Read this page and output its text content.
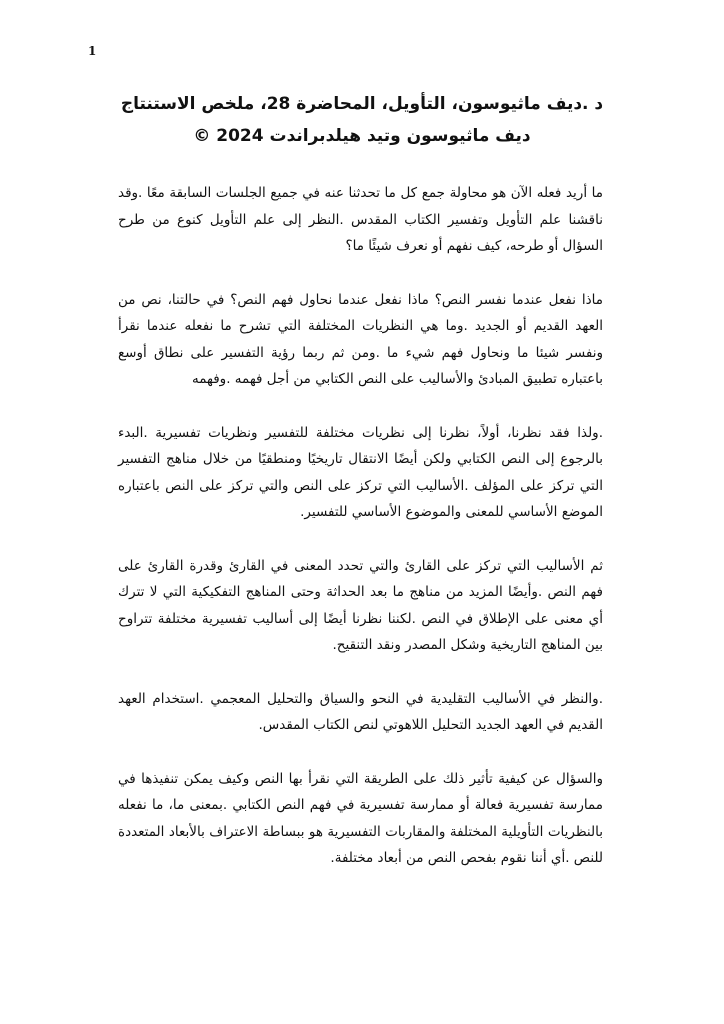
1
د .ديف ماثيوسون، التأويل، المحاضرة 28، ملخص الاستنتاج
ديف ماثيوسون وتيد هيلدبراندت 2024 ©

ما أريد فعله الآن هو محاولة جمع كل ما تحدثنا عنه في جميع الجلسات السابقة معًا .وقد ناقشنا علم التأويل وتفسير الكتاب المقدس .النظر إلى علم التأويل كنوع من طرح السؤال أو طرحه، كيف نفهم أو نعرف شيئًا ما؟

ماذا نفعل عندما نفسر النص؟ ماذا نفعل عندما نحاول فهم النص؟ في حالتنا، نص من العهد القديم أو الجديد .وما هي النظريات المختلفة التي تشرح ما نفعله عندما نقرأ ونفسر شيئا ما ونحاول فهم شيء ما .ومن ثم ربما رؤية التفسير على نطاق أوسع باعتباره تطبيق المبادئ والأساليب على النص الكتابي من أجل فهمه .وفهمه

.ولذا فقد نظرنا، أولاً، نظرنا إلى نظريات مختلفة للتفسير ونظريات تفسيرية .البدء بالرجوع إلى النص الكتابي ولكن أيضًا الانتقال تاريخيًا ومنطقيًا من خلال مناهج التفسير التي تركز على المؤلف .الأساليب التي تركز على النص والتي تركز على النص باعتباره الموضع الأساسي للمعنى والموضوع الأساسي للتفسير.

ثم الأساليب التي تركز على القارئ والتي تحدد المعنى في القارئ وقدرة القارئ على فهم النص .وأيضًا المزيد من مناهج ما بعد الحداثة وحتى المناهج التفكيكية التي لا تترك أي معنى على الإطلاق في النص .لكننا نظرنا أيضًا إلى أساليب تفسيرية مختلفة تتراوح بين المناهج التاريخية وشكل المصدر ونقد التنقيح.

.والنظر في الأساليب التقليدية في النحو والسياق والتحليل المعجمي .استخدام العهد القديم في العهد الجديد التحليل اللاهوتي لنص الكتاب المقدس.

والسؤال عن كيفية تأثير ذلك على الطريقة التي نقرأ بها النص وكيف يمكن تنفيذها في ممارسة تفسيرية فعالة أو ممارسة تفسيرية في فهم النص الكتابي .بمعنى ما، ما نفعله بالنظريات التأويلية المختلفة والمقاربات التفسيرية هو ببساطة الاعتراف بالأبعاد المتعددة للنص .أي أننا نقوم بفحص النص من أبعاد مختلفة.
